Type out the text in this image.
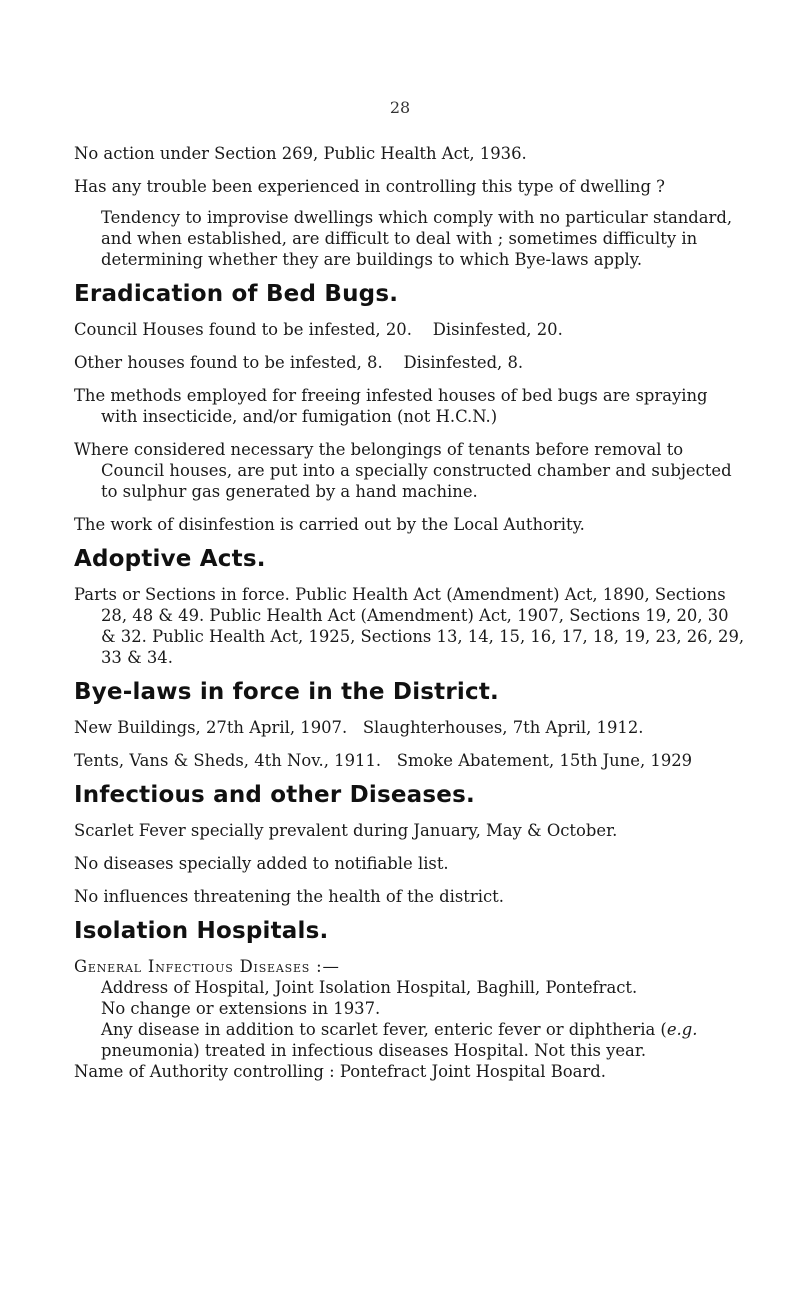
28

No action under Section 269, Public Health Act, 1936.

Has any trouble been experienced in controlling this type of dwelling ?

Tendency to improvise dwellings which comply with no particular standard, and when established, are difficult to deal with ; sometimes difficulty in determining whether they are buildings to which Bye-laws apply.

Eradication of Bed Bugs.

Council Houses found to be infested, 20.    Disinfested, 20.

Other houses found to be infested, 8.    Disinfested, 8.

The methods employed for freeing infested houses of bed bugs are spraying with insecticide, and/or fumigation (not H.C.N.)

Where considered necessary the belongings of tenants before removal to Council houses, are put into a specially constructed chamber and subjected to sulphur gas generated by a hand machine.

The work of disinfestion is carried out by the Local Authority.

Adoptive Acts.

Parts or Sections in force. Public Health Act (Amendment) Act, 1890, Sections 28, 48 & 49. Public Health Act (Amendment) Act, 1907, Sections 19, 20, 30 & 32. Public Health Act, 1925, Sections 13, 14, 15, 16, 17, 18, 19, 23, 26, 29, 33 & 34.

Bye-laws in force in the District.

New Buildings, 27th April, 1907.   Slaughterhouses, 7th April, 1912.

Tents, Vans & Sheds, 4th Nov., 1911.   Smoke Abatement, 15th June, 1929

Infectious and other Diseases.

Scarlet Fever specially prevalent during January, May & October.

No diseases specially added to notifiable list.

No influences threatening the health of the district.

Isolation Hospitals.

General Infectious Diseases :—

Address of Hospital, Joint Isolation Hospital, Baghill, Pontefract.

No change or extensions in 1937.

Any disease in addition to scarlet fever, enteric fever or diphtheria (e.g. pneumonia) treated in infectious diseases Hospital. Not this year.

Name of Authority controlling : Pontefract Joint Hospital Board.
